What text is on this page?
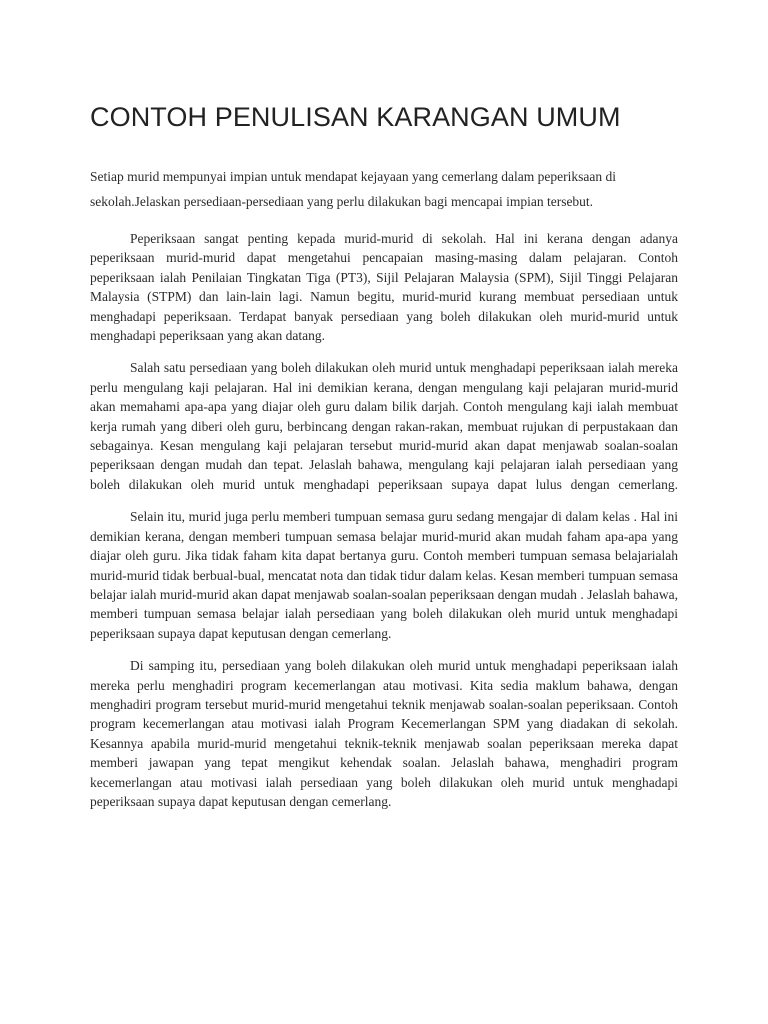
CONTOH PENULISAN KARANGAN UMUM

Setiap murid mempunyai impian untuk mendapat kejayaan yang cemerlang dalam peperiksaan di sekolah.Jelaskan persediaan-persediaan yang perlu dilakukan bagi mencapai impian tersebut.

Peperiksaan sangat penting kepada murid-murid di sekolah. Hal ini kerana dengan adanya peperiksaan murid-murid dapat mengetahui pencapaian masing-masing dalam pelajaran. Contoh peperiksaan ialah Penilaian Tingkatan Tiga (PT3), Sijil Pelajaran Malaysia (SPM), Sijil Tinggi Pelajaran Malaysia (STPM) dan lain-lain lagi. Namun begitu, murid-murid kurang membuat persediaan untuk menghadapi peperiksaan. Terdapat banyak persediaan yang boleh dilakukan oleh murid-murid untuk menghadapi peperiksaan yang akan datang.

Salah satu persediaan yang boleh dilakukan oleh murid untuk menghadapi peperiksaan ialah mereka perlu mengulang kaji pelajaran. Hal ini demikian kerana, dengan mengulang kaji pelajaran murid-murid akan memahami apa-apa yang diajar oleh guru dalam bilik darjah. Contoh mengulang kaji ialah membuat kerja rumah yang diberi oleh guru, berbincang dengan rakan-rakan, membuat rujukan di perpustakaan dan sebagainya. Kesan mengulang kaji pelajaran tersebut murid-murid akan dapat menjawab soalan-soalan peperiksaan dengan mudah dan tepat. Jelaslah bahawa, mengulang kaji pelajaran ialah persediaan yang boleh dilakukan oleh murid untuk menghadapi peperiksaan supaya dapat lulus dengan cemerlang.

Selain itu, murid juga perlu memberi tumpuan semasa guru sedang mengajar di dalam kelas . Hal ini demikian kerana, dengan memberi tumpuan semasa belajar murid-murid akan mudah faham apa-apa yang diajar oleh guru. Jika tidak faham kita dapat bertanya guru. Contoh memberi tumpuan semasa belajarialah murid-murid tidak berbual-bual, mencatat nota dan tidak tidur dalam kelas. Kesan memberi tumpuan semasa belajar ialah murid-murid akan dapat menjawab soalan-soalan peperiksaan dengan mudah . Jelaslah bahawa, memberi tumpuan semasa belajar ialah persediaan yang boleh dilakukan oleh murid untuk menghadapi peperiksaan supaya dapat keputusan dengan cemerlang.

Di samping itu, persediaan yang boleh dilakukan oleh murid untuk menghadapi peperiksaan ialah mereka perlu menghadiri program kecemerlangan atau motivasi. Kita sedia maklum bahawa, dengan menghadiri program tersebut murid-murid mengetahui teknik menjawab soalan-soalan peperiksaan. Contoh program kecemerlangan atau motivasi ialah Program Kecemerlangan SPM yang diadakan di sekolah. Kesannya apabila murid-murid mengetahui teknik-teknik menjawab soalan peperiksaan mereka dapat memberi jawapan yang tepat mengikut kehendak soalan. Jelaslah bahawa, menghadiri program kecemerlangan atau motivasi ialah persediaan yang boleh dilakukan oleh murid untuk menghadapi peperiksaan supaya dapat keputusan dengan cemerlang.
